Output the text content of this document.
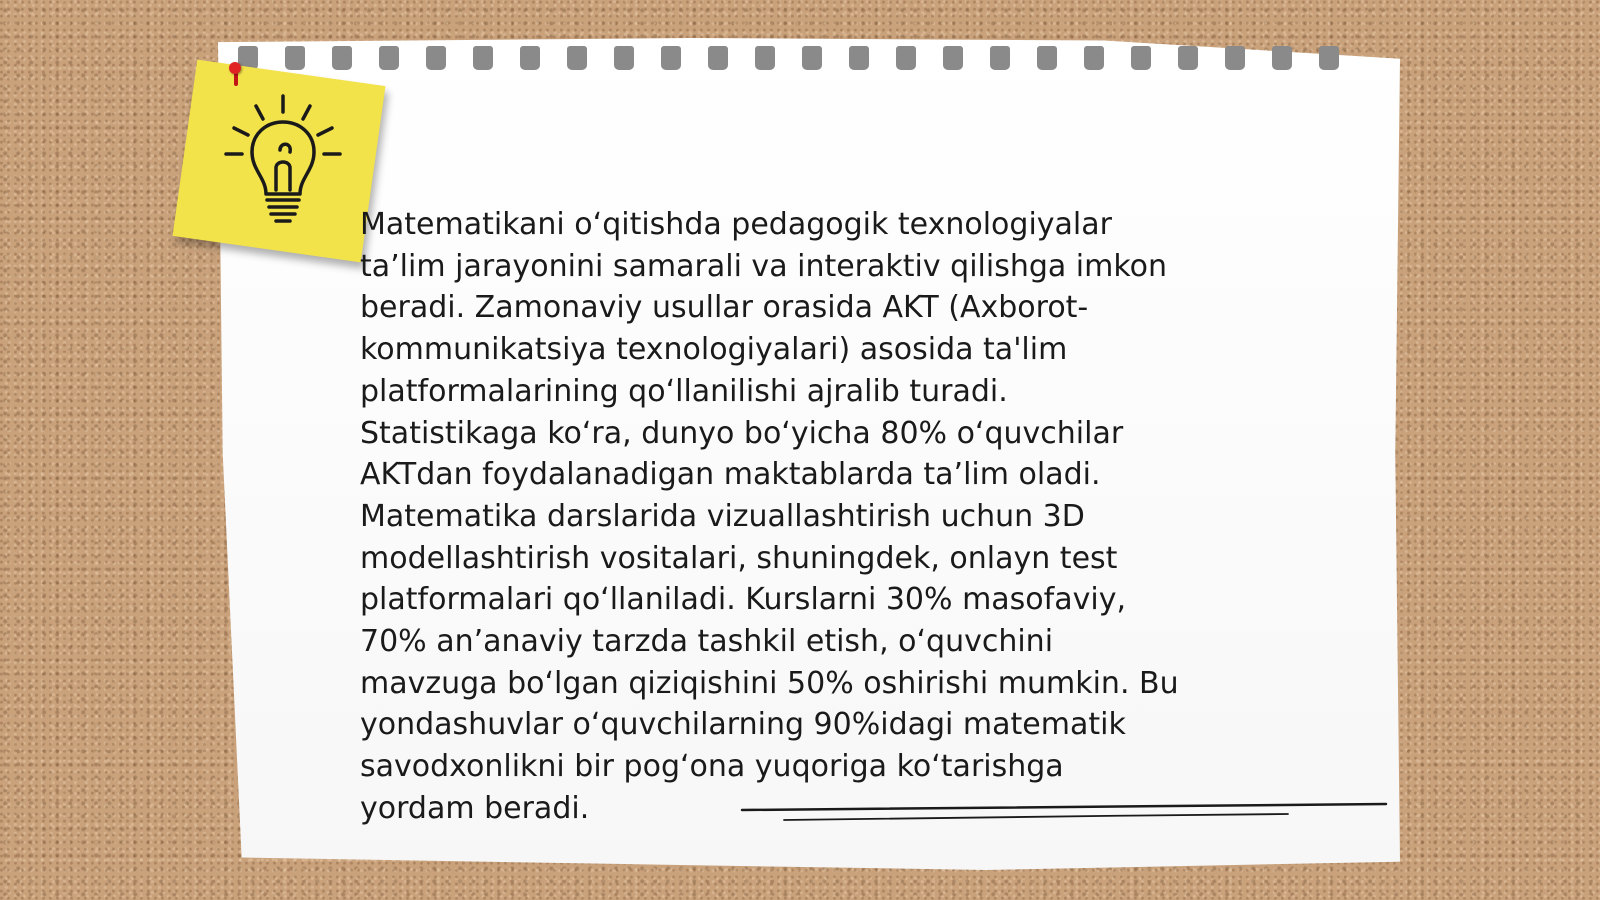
Matematikani oʻqitishda pedagogik texnologiyalar
taʼlim jarayonini samarali va interaktiv qilishga imkon
beradi. Zamonaviy usullar orasida AKT (Axborot-
kommunikatsiya texnologiyalari) asosida ta'lim
platformalarining qoʻllanilishi ajralib turadi.
Statistikaga koʻra, dunyo boʻyicha 80% oʻquvchilar
AKTdan foydalanadigan maktablarda taʼlim oladi.
Matematika darslarida vizuallashtirish uchun 3D
modellashtirish vositalari, shuningdek, onlayn test
platformalari qoʻllaniladi. Kurslarni 30% masofaviy,
70% anʼanaviy tarzda tashkil etish, oʻquvchini
mavzuga boʻlgan qiziqishini 50% oshirishi mumkin. Bu
yondashuvlar oʻquvchilarning 90%idagi matematik
savodxonlikni bir pogʻona yuqoriga koʻtarishga
yordam beradi.
